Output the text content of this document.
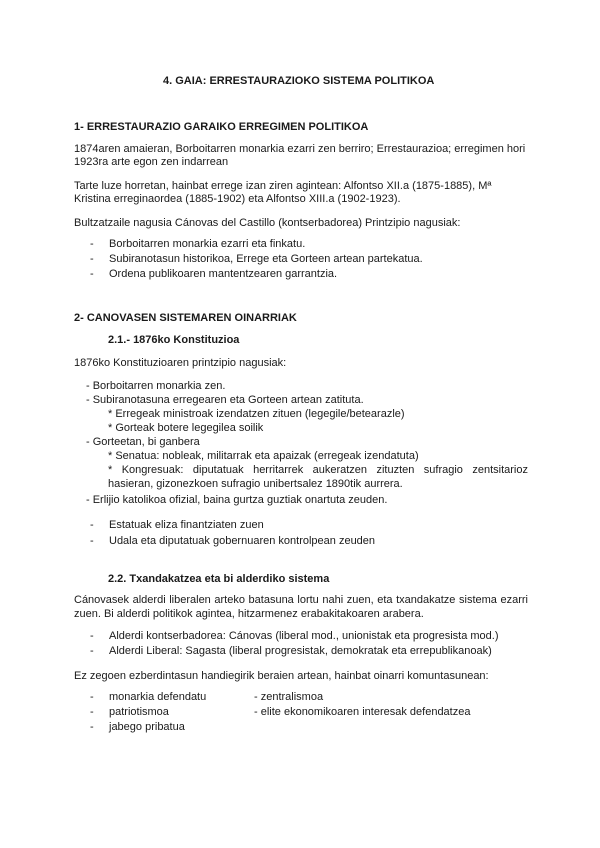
4. GAIA: ERRESTAURAZIOKO SISTEMA POLITIKOA
1- ERRESTAURAZIO GARAIKO ERREGIMEN POLITIKOA
1874aren amaieran, Borboitarren monarkia ezarri zen berriro; Errestaurazioa; erregimen hori
1923ra arte egon zen indarrean
Tarte luze horretan, hainbat errege izan ziren agintean: Alfontso XII.a (1875-1885), Mª
Kristina erreginaordea (1885-1902) eta Alfontso XIII.a (1902-1923).
Bultzatzaile nagusia Cánovas del Castillo (kontserbadorea) Printzipio nagusiak:
- Borboitarren monarkia ezarri eta finkatu.
- Subiranotasun historikoa, Errege eta Gorteen artean partekatua.
- Ordena publikoaren mantentzearen garrantzia.
2- CANOVASEN SISTEMAREN OINARRIAK
2.1.- 1876ko Konstituzioa
1876ko Konstituzioaren printzipio nagusiak:
- Borboitarren monarkia zen.
- Subiranotasuna erregearen eta Gorteen artean zatituta.
* Erregeak ministroak izendatzen zituen (legegile/betearazle)
* Gorteak botere legegilea soilik
- Gorteetan, bi ganbera
* Senatua: nobleak, militarrak eta apaizak (erregeak izendatuta)
* Kongresuak: diputatuak herritarrek aukeratzen zituzten sufragio zentsitarioz
hasieran, gizonezkoen sufragio unibertsalez 1890tik aurrera.
- Erlijio katolikoa ofizial, baina gurtza guztiak onartuta zeuden.
- Estatuak eliza finantziaten zuen
- Udala eta diputatuak gobernuaren kontrolpean zeuden
2.2. Txandakatzea eta bi alderdiko sistema
Cánovasek alderdi liberalen arteko batasuna lortu nahi zuen, eta txandakatze sistema ezarri
zuen. Bi alderdi politikok agintea, hitzarmenez erabakitakoaren arabera.
- Alderdi kontserbadorea: Cánovas (liberal mod., unionistak eta progresista mod.)
- Alderdi Liberal: Sagasta (liberal progresistak, demokratak eta errepublikanoak)
Ez zegoen ezberdintasun handiegirik beraien artean, hainbat oinarri komuntasunean:
- monarkia defendatu	- zentralismoa
- patriotismoa	- elite ekonomikoaren interesak defendatzea
- jabego pribatua
